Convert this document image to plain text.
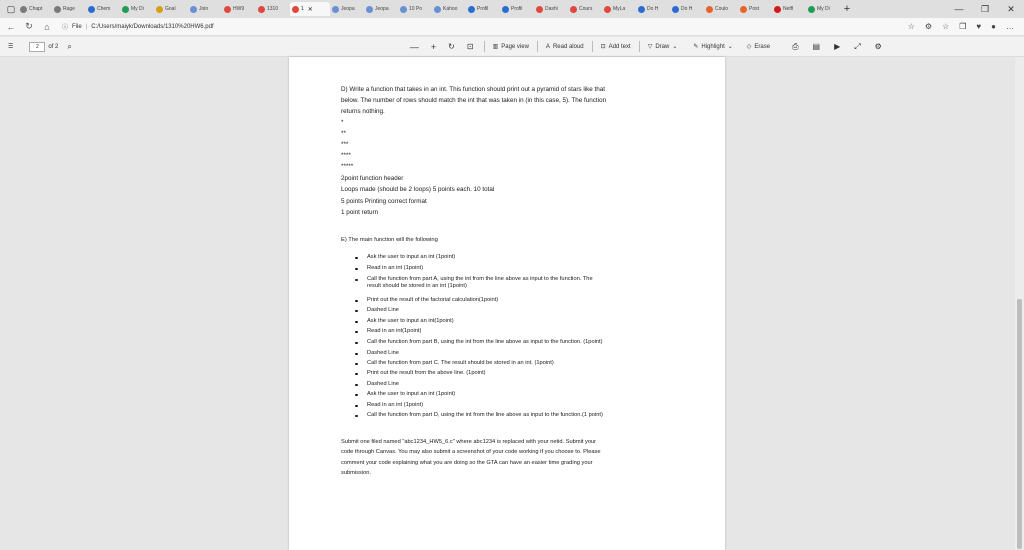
▢	Chapt	Rage	Chem	My Di	Goal	Join	HW9	1310	1 ✕	Jeopa	Jeopa	10 Po	Kahoo	Profil	Profil	Dashi	Cours	MyLa	Do H	Do H	Coulo	Post	Netfl	My Di	+	—	❐	✕
←	↻	⌂	ⓘ File | C:/Users/maiyk/Downloads/1310%20HW6.pdf	☆ ⚙ ☆ ❒ ♥ ● …
☰	2 of 2 ⌕	— + ↻ ⊡	▥ Page view	A Read aloud	⊡ Add text	▽ Draw ⌄	✎ Highlight ⌄ ◇ Erase	⎙ ▤ ▶ ⤢ ⚙
D) Write a function that takes in an int. This function should print out a pyramid of stars like that
below. The number of rows should match the int that was taken in (in this case, 5). The function
returns nothing.
*
**
***
****
*****
2point function header
Loops made (should be 2 loops) 5 points each. 10 total
5 points Printing correct format
1 point return
E) The main function will the following
Ask the user to input an int (1point)
Read in an int (1point)
Call the function from part A, using the int from the line above as input to the function. The
Print out the result of the factorial calculation(1point)
Dashed Line
Ask the user to input an int(1point)
Read in an int(1point)
Call the function from part B, using the int from the line above as input to the function. (1point)
Dashed Line
Call the function from part C. The result should be stored in an int. (1point)
Print out the result from the above line. (1point)
Dashed Line
Ask the user to input an int (1point)
Read in an int (1point)
Call the function from part D, using the int from the line above as input to the function.(1 point)
result should be stored in an int (1point)
Submit one filed named "abc1234_HW5_6.c" where abc1234 is replaced with your netid. Submit your
code through Canvas. You may also submit a screenshot of your code working if you choose to. Please
comment your code explaining what you are doing so the GTA can have an easier time grading your
submission.
